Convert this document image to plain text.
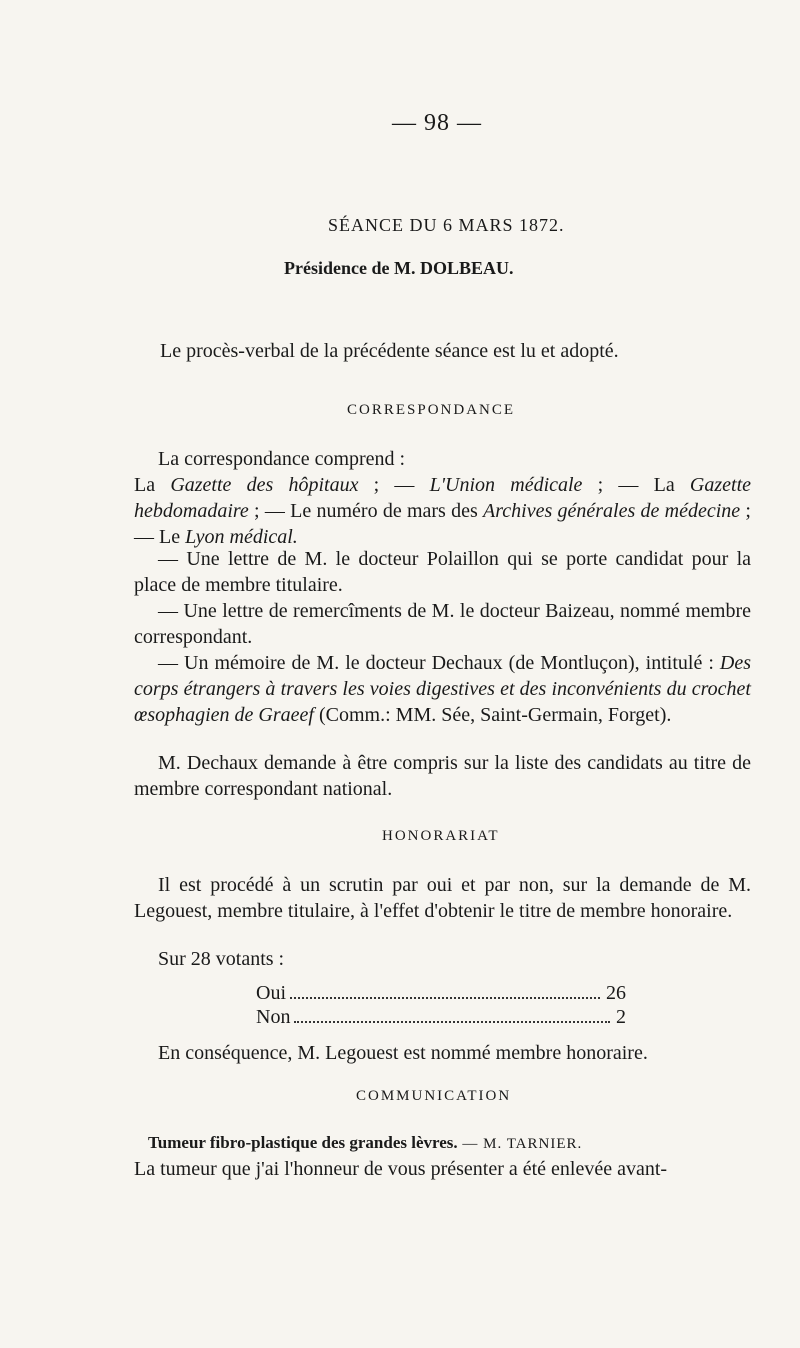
— 98 —
SÉANCE DU 6 MARS 1872.
Présidence de M. DOLBEAU.
Le procès-verbal de la précédente séance est lu et adopté.
CORRESPONDANCE
La correspondance comprend :
La Gazette des hôpitaux ; — L'Union médicale ; — La Gazette hebdomadaire ; — Le numéro de mars des Archives générales de médecine ; — Le Lyon médical.
— Une lettre de M. le docteur Polaillon qui se porte candidat pour la place de membre titulaire.
— Une lettre de remercîments de M. le docteur Baizeau, nommé membre correspondant.
— Un mémoire de M. le docteur Dechaux (de Montluçon), intitulé : Des corps étrangers à travers les voies digestives et des inconvénients du crochet œsophagien de Graeef (Comm.: MM. Sée, Saint-Germain, Forget).
M. Dechaux demande à être compris sur la liste des candidats au titre de membre correspondant national.
HONORARIAT
Il est procédé à un scrutin par oui et par non, sur la demande de M. Legouest, membre titulaire, à l'effet d'obtenir le titre de membre honoraire.
Sur 28 votants :
Oui	26
Non	2
En conséquence, M. Legouest est nommé membre honoraire.
COMMUNICATION
Tumeur fibro-plastique des grandes lèvres. — M. TARNIER.
La tumeur que j'ai l'honneur de vous présenter a été enlevée avant-
